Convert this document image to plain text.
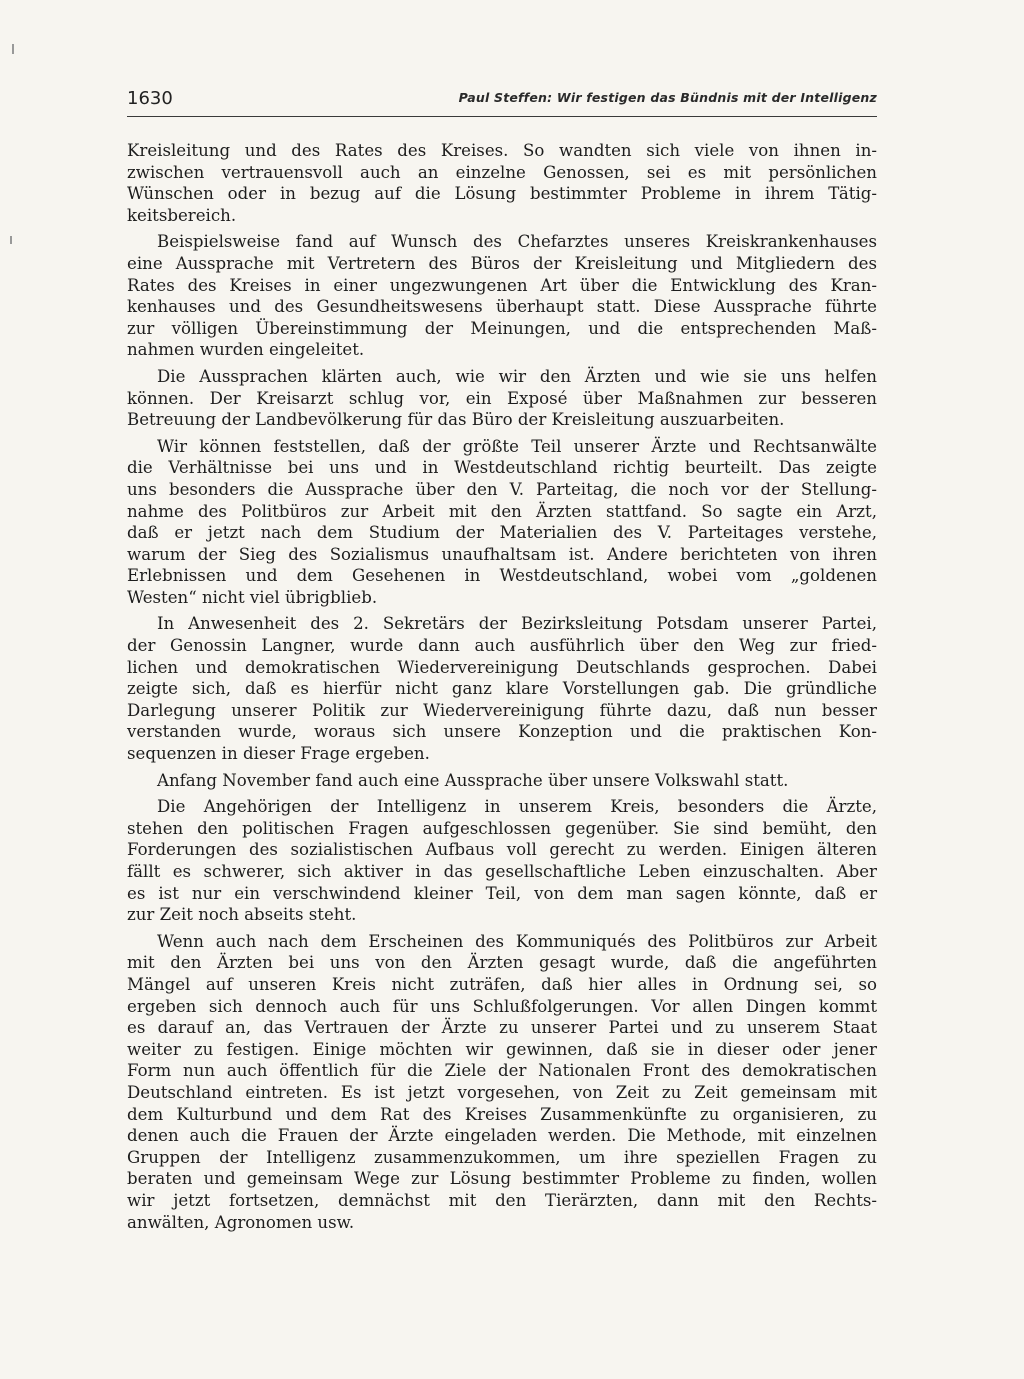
1630	Paul Steffen: Wir festigen das Bündnis mit der Intelligenz
Kreisleitung und des Rates des Kreises. So wandten sich viele von ihnen in-
zwischen vertrauensvoll auch an einzelne Genossen, sei es mit persönlichen
Wünschen oder in bezug auf die Lösung bestimmter Probleme in ihrem Tätig-
keitsbereich.
Beispielsweise fand auf Wunsch des Chefarztes unseres Kreiskrankenhauses
eine Aussprache mit Vertretern des Büros der Kreisleitung und Mitgliedern des
Rates des Kreises in einer ungezwungenen Art über die Entwicklung des Kran-
kenhauses und des Gesundheitswesens überhaupt statt. Diese Aussprache führte
zur völligen Übereinstimmung der Meinungen, und die entsprechenden Maß-
nahmen wurden eingeleitet.
Die Aussprachen klärten auch, wie wir den Ärzten und wie sie uns helfen
können. Der Kreisarzt schlug vor, ein Exposé über Maßnahmen zur besseren
Betreuung der Landbevölkerung für das Büro der Kreisleitung auszuarbeiten.
Wir können feststellen, daß der größte Teil unserer Ärzte und Rechtsanwälte
die Verhältnisse bei uns und in Westdeutschland richtig beurteilt. Das zeigte
uns besonders die Aussprache über den V. Parteitag, die noch vor der Stellung-
nahme des Politbüros zur Arbeit mit den Ärzten stattfand. So sagte ein Arzt,
daß er jetzt nach dem Studium der Materialien des V. Parteitages verstehe,
warum der Sieg des Sozialismus unaufhaltsam ist. Andere berichteten von ihren
Erlebnissen und dem Gesehenen in Westdeutschland, wobei vom „goldenen
Westen“ nicht viel übrigblieb.
In Anwesenheit des 2. Sekretärs der Bezirksleitung Potsdam unserer Partei,
der Genossin Langner, wurde dann auch ausführlich über den Weg zur fried-
lichen und demokratischen Wiedervereinigung Deutschlands gesprochen. Dabei
zeigte sich, daß es hierfür nicht ganz klare Vorstellungen gab. Die gründliche
Darlegung unserer Politik zur Wiedervereinigung führte dazu, daß nun besser
verstanden wurde, woraus sich unsere Konzeption und die praktischen Kon-
sequenzen in dieser Frage ergeben.
Anfang November fand auch eine Aussprache über unsere Volkswahl statt.
Die Angehörigen der Intelligenz in unserem Kreis, besonders die Ärzte,
stehen den politischen Fragen aufgeschlossen gegenüber. Sie sind bemüht, den
Forderungen des sozialistischen Aufbaus voll gerecht zu werden. Einigen älteren
fällt es schwerer, sich aktiver in das gesellschaftliche Leben einzuschalten. Aber
es ist nur ein verschwindend kleiner Teil, von dem man sagen könnte, daß er
zur Zeit noch abseits steht.
Wenn auch nach dem Erscheinen des Kommuniqués des Politbüros zur Arbeit
mit den Ärzten bei uns von den Ärzten gesagt wurde, daß die angeführten
Mängel auf unseren Kreis nicht zuträfen, daß hier alles in Ordnung sei, so
ergeben sich dennoch auch für uns Schlußfolgerungen. Vor allen Dingen kommt
es darauf an, das Vertrauen der Ärzte zu unserer Partei und zu unserem Staat
weiter zu festigen. Einige möchten wir gewinnen, daß sie in dieser oder jener
Form nun auch öffentlich für die Ziele der Nationalen Front des demokratischen
Deutschland eintreten. Es ist jetzt vorgesehen, von Zeit zu Zeit gemeinsam mit
dem Kulturbund und dem Rat des Kreises Zusammenkünfte zu organisieren, zu
denen auch die Frauen der Ärzte eingeladen werden. Die Methode, mit einzelnen
Gruppen der Intelligenz zusammenzukommen, um ihre speziellen Fragen zu
beraten und gemeinsam Wege zur Lösung bestimmter Probleme zu finden, wollen
wir jetzt fortsetzen, demnächst mit den Tierärzten, dann mit den Rechts-
anwälten, Agronomen usw.
